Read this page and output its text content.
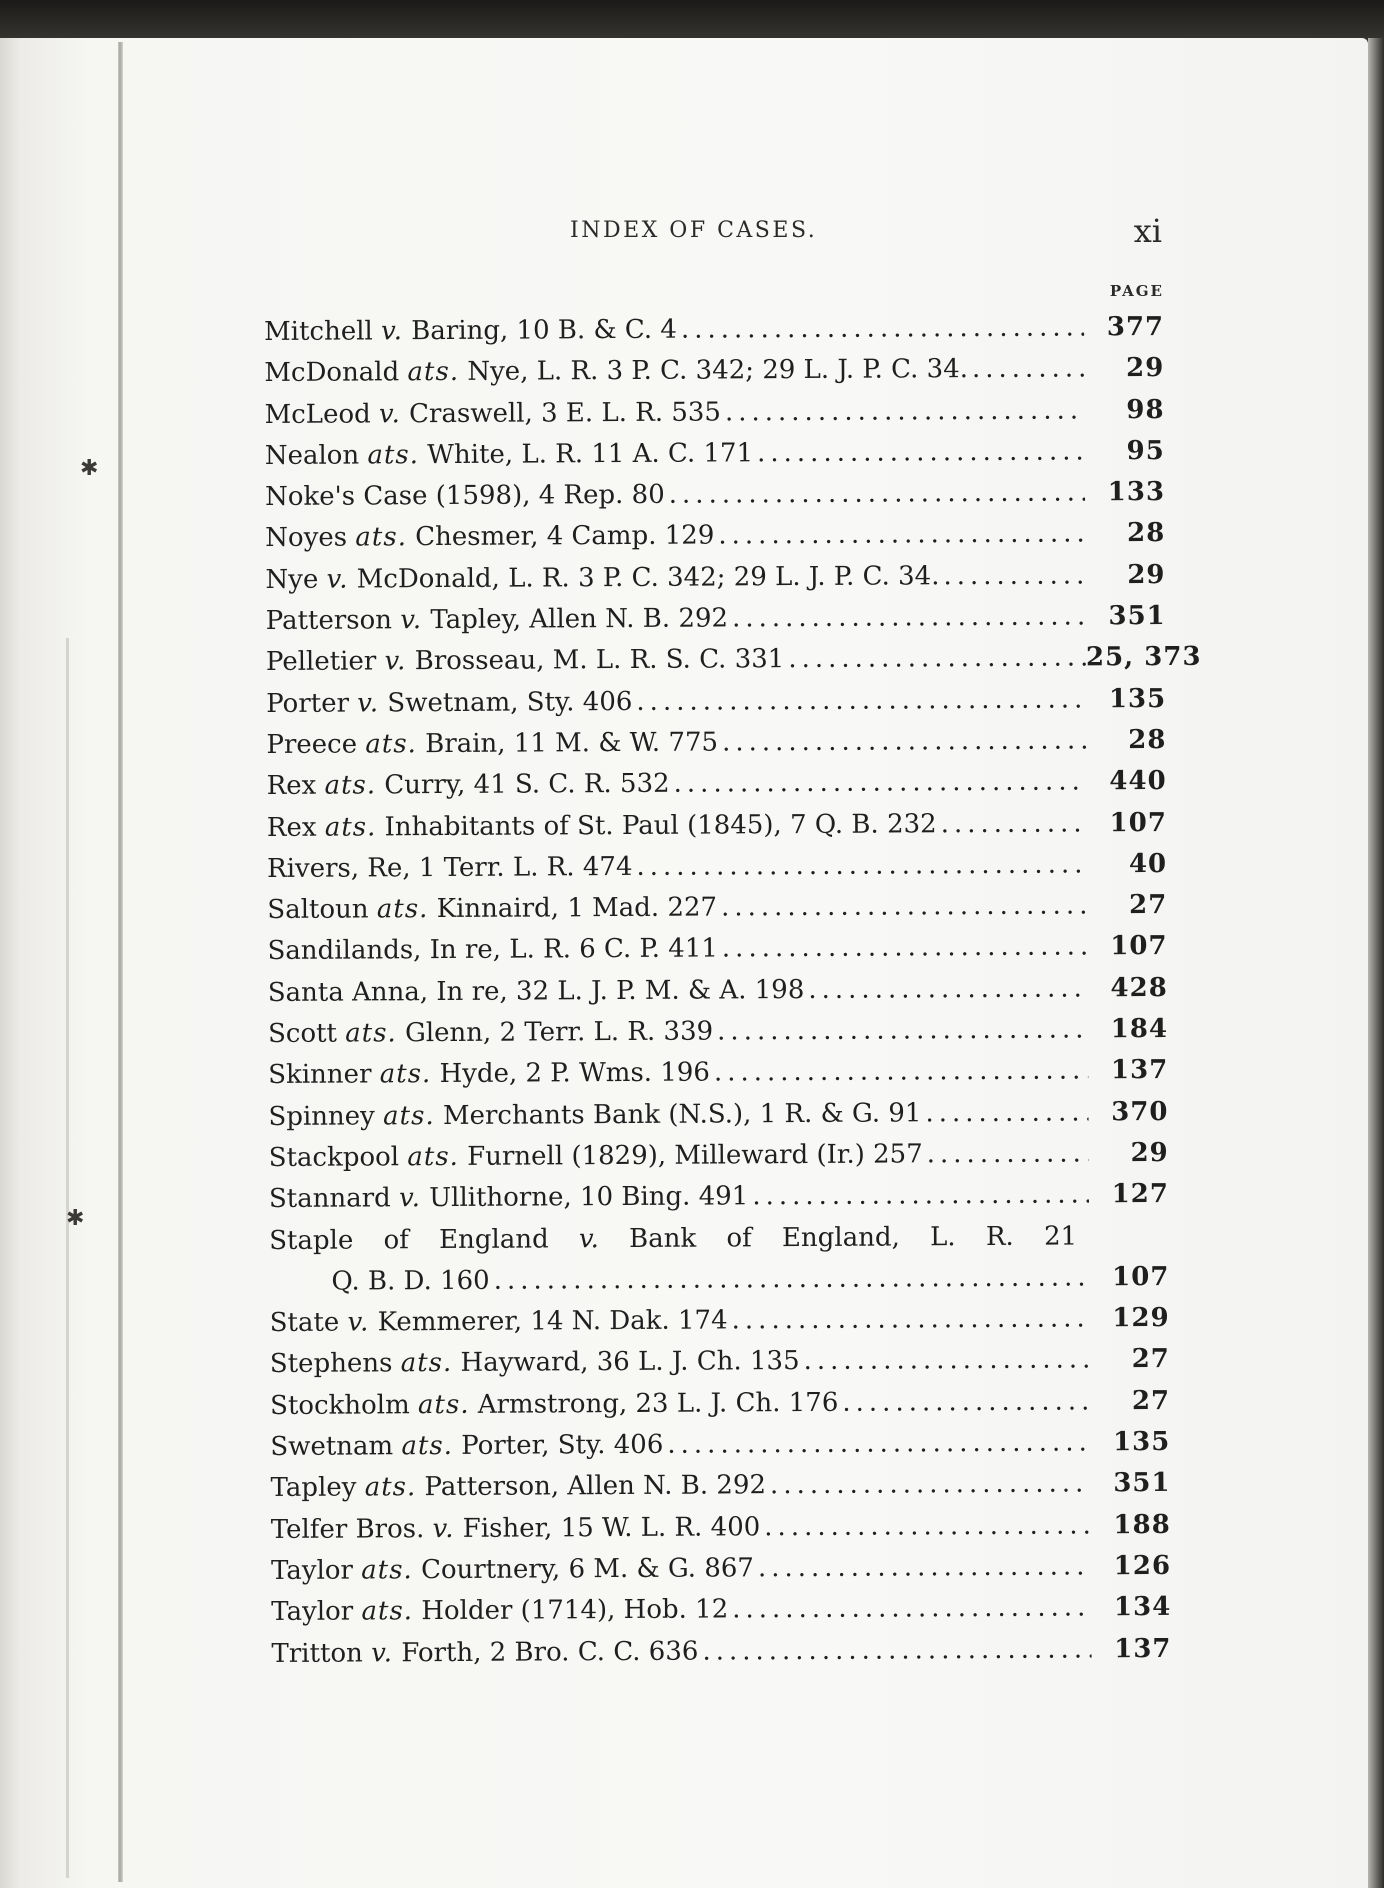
✱
✱
INDEX OF CASES.	xi
PAGE
Mitchell v. Baring, 10 B. & C. 4 .....	377
McDonald ats. Nye, L. R. 3 P. C. 342; 29 L. J. P. C. 34. .....	29
McLeod v. Craswell, 3 E. L. R. 535 .....	98
Nealon ats. White, L. R. 11 A. C. 171 .....	95
Noke's Case (1598), 4 Rep. 80 .....	133
Noyes ats. Chesmer, 4 Camp. 129 .....	28
Nye v. McDonald, L. R. 3 P. C. 342; 29 L. J. P. C. 34. .....	29
Patterson v. Tapley, Allen N. B. 292 .....	351
Pelletier v. Brosseau, M. L. R. S. C. 331 .....	25, 373
Porter v. Swetnam, Sty. 406 .....	135
Preece ats. Brain, 11 M. & W. 775 .....	28
Rex ats. Curry, 41 S. C. R. 532 .....	440
Rex ats. Inhabitants of St. Paul (1845), 7 Q. B. 232 .....	107
Rivers, Re, 1 Terr. L. R. 474 .....	40
Saltoun ats. Kinnaird, 1 Mad. 227 .....	27
Sandilands, In re, L. R. 6 C. P. 411 .....	107
Santa Anna, In re, 32 L. J. P. M. & A. 198 .....	428
Scott ats. Glenn, 2 Terr. L. R. 339 .....	184
Skinner ats. Hyde, 2 P. Wms. 196 .....	137
Spinney ats. Merchants Bank (N.S.), 1 R. & G. 91 .....	370
Stackpool ats. Furnell (1829), Milleward (Ir.) 257 .....	29
Stannard v. Ullithorne, 10 Bing. 491 .....	127
Staple of England v. Bank of England, L. R. 21
Q. B. D. 160 .....	107
State v. Kemmerer, 14 N. Dak. 174 .....	129
Stephens ats. Hayward, 36 L. J. Ch. 135 .....	27
Stockholm ats. Armstrong, 23 L. J. Ch. 176 .....	27
Swetnam ats. Porter, Sty. 406 .....	135
Tapley ats. Patterson, Allen N. B. 292 .....	351
Telfer Bros. v. Fisher, 15 W. L. R. 400 .....	188
Taylor ats. Courtnery, 6 M. & G. 867 .....	126
Taylor ats. Holder (1714), Hob. 12 .....	134
Tritton v. Forth, 2 Bro. C. C. 636 .....	137
